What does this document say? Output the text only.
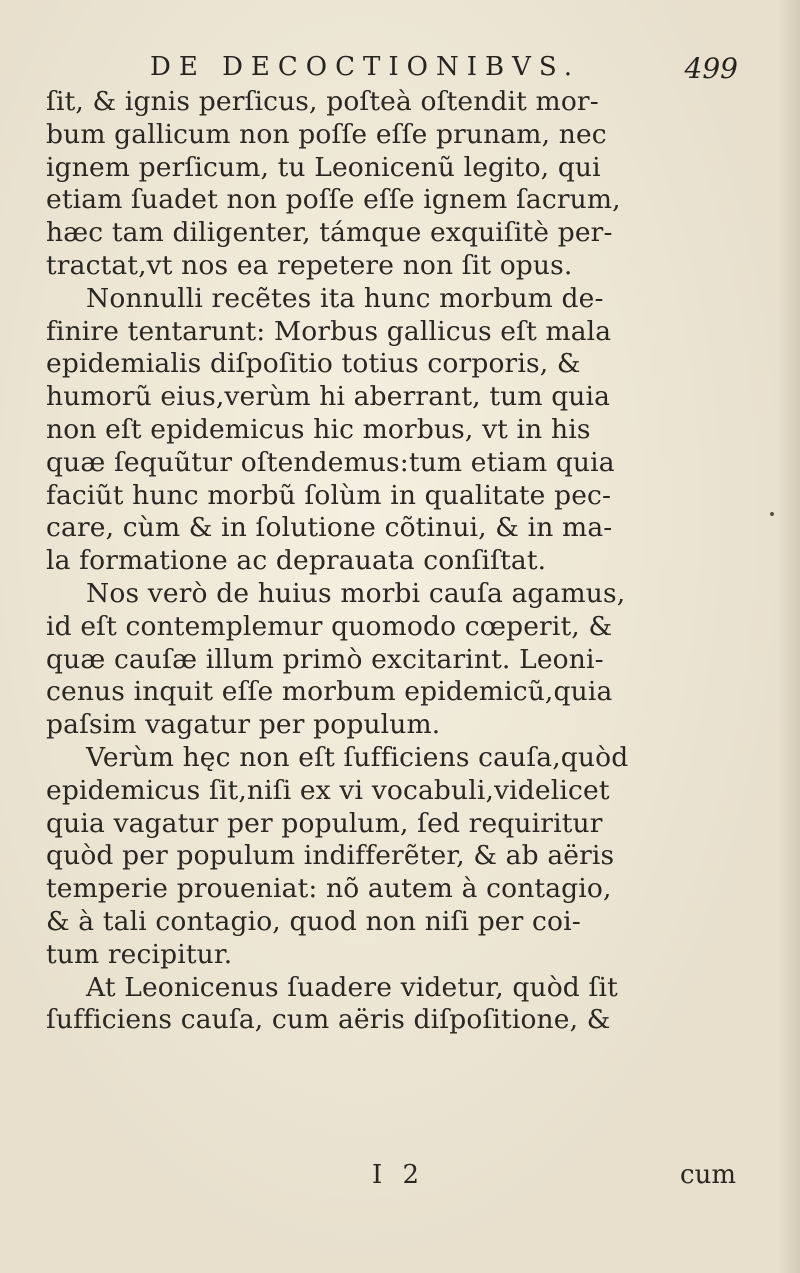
DE DECOCTIONIBVS.	499
ſit, & ignis perſicus, poſteà oſtendit mor-
bum gallicum non poſſe eſſe prunam, nec
ignem perſicum, tu Leonicenũ legito, qui
etiam ſuadet non poſſe eſſe ignem ſacrum,
hæc tam diligenter, támque exquiſitè per-
tractat,vt nos ea repetere non ſit opus.
Nonnulli recẽtes ita hunc morbum de-
finire tentarunt: Morbus gallicus eſt mala
epidemialis diſpoſitio totius corporis, &
humorũ eius,verùm hi aberrant, tum quia
non eſt epidemicus hic morbus, vt in his
quæ ſequũtur oſtendemus:tum etiam quia
faciũt hunc morbũ ſolùm in qualitate pec-
care, cùm & in ſolutione cõtinui, & in ma-
la formatione ac deprauata conſiſtat.
Nos verò de huius morbi cauſa agamus,
id eſt contemplemur quomodo cœperit, &
quæ cauſæ illum primò excitarint. Leoni-
cenus inquit eſſe morbum epidemicũ,quia
paſsim vagatur per populum.
Verùm hęc non eſt ſufficiens cauſa,quòd
epidemicus ſit,niſi ex vi vocabuli,videlicet
quia vagatur per populum, ſed requiritur
quòd per populum indifferẽter, & ab aëris
temperie proueniat: nõ autem à contagio,
& à tali contagio, quod non niſi per coi-
tum recipitur.
At Leonicenus ſuadere videtur, quòd ſit
ſufficiens cauſa, cum aëris diſpoſitione, &
I 2	cum
